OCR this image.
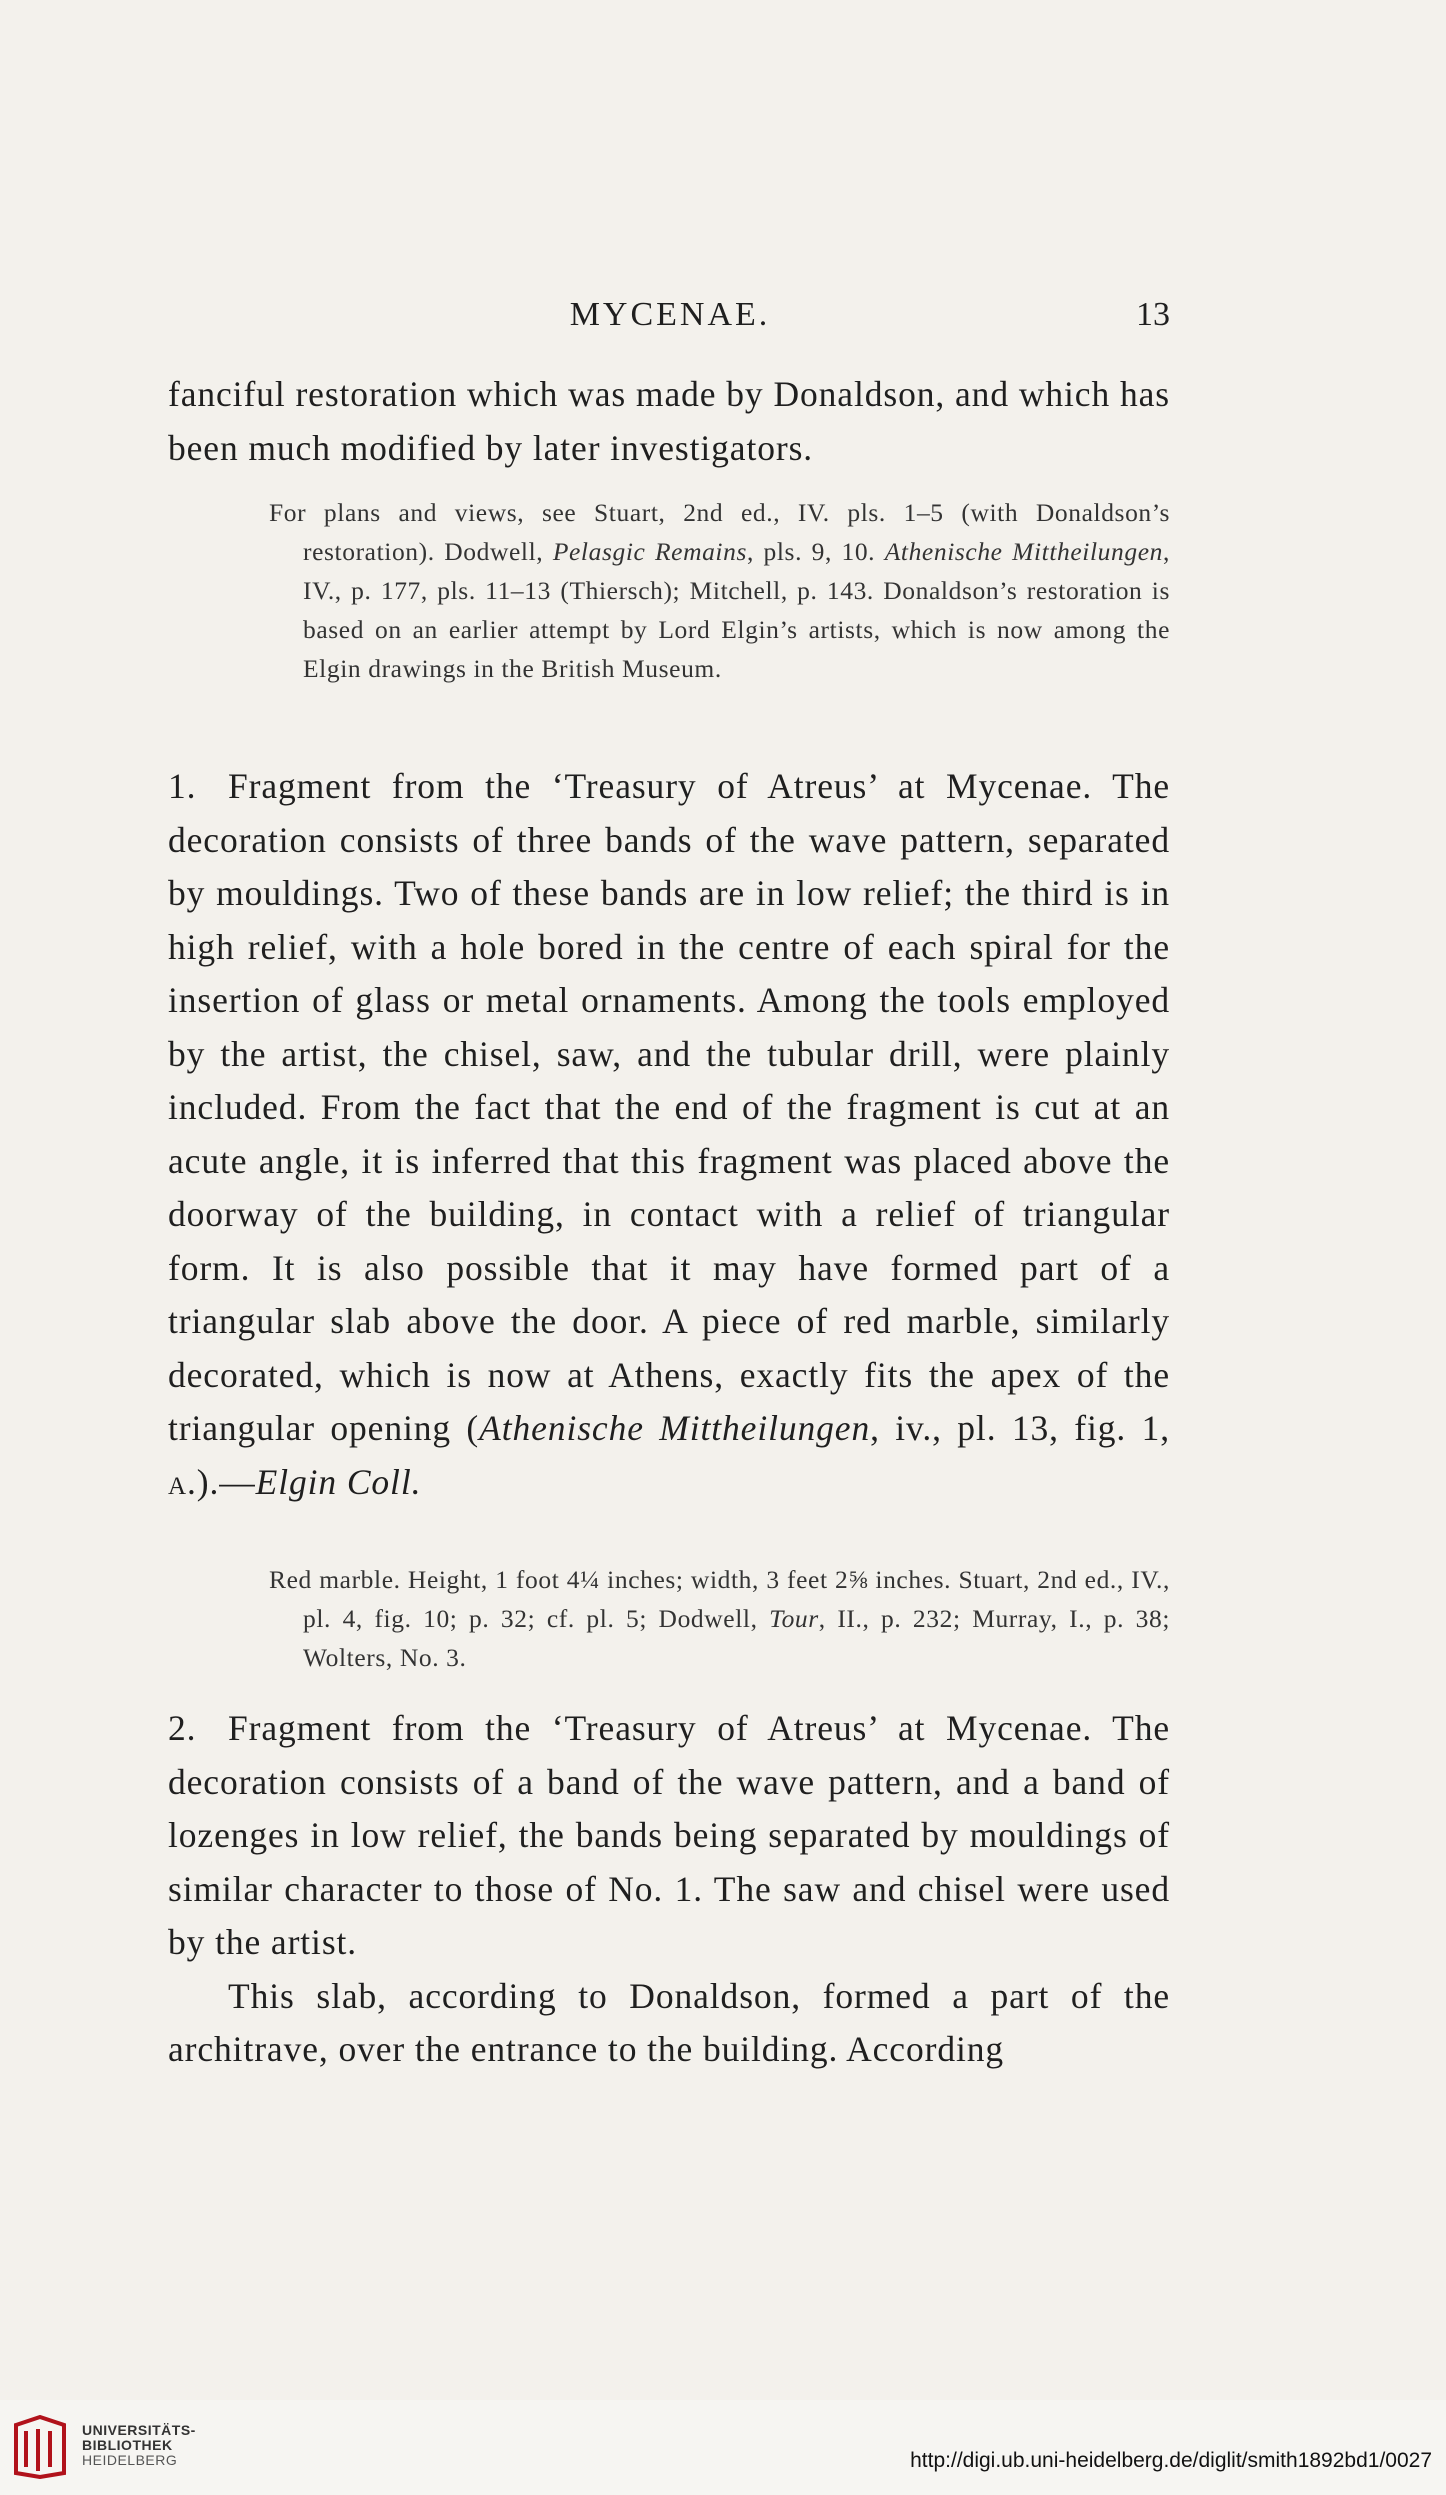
MYCENAE.	13

fanciful restoration which was made by Donaldson, and which has been much modified by later investigators.

For plans and views, see Stuart, 2nd ed., IV. pls. 1–5 (with Donaldson’s restoration). Dodwell, Pelasgic Remains, pls. 9, 10. Athenische Mittheilungen, IV., p. 177, pls. 11–13 (Thiersch); Mitchell, p. 143. Donaldson’s restoration is based on an earlier attempt by Lord Elgin’s artists, which is now among the Elgin drawings in the British Museum.

1. Fragment from the ‘Treasury of Atreus’ at Mycenae. The decoration consists of three bands of the wave pattern, separated by mouldings. Two of these bands are in low relief; the third is in high relief, with a hole bored in the centre of each spiral for the insertion of glass or metal ornaments. Among the tools employed by the artist, the chisel, saw, and the tubular drill, were plainly included. From the fact that the end of the fragment is cut at an acute angle, it is inferred that this fragment was placed above the doorway of the building, in contact with a relief of triangular form. It is also possible that it may have formed part of a triangular slab above the door. A piece of red marble, similarly decorated, which is now at Athens, exactly fits the apex of the triangular opening (Athenische Mittheilungen, iv., pl. 13, fig. 1, a.).—Elgin Coll.

Red marble. Height, 1 foot 4¼ inches; width, 3 feet 2⅝ inches. Stuart, 2nd ed., IV., pl. 4, fig. 10; p. 32; cf. pl. 5; Dodwell, Tour, II., p. 232; Murray, I., p. 38; Wolters, No. 3.

2. Fragment from the ‘Treasury of Atreus’ at Mycenae. The decoration consists of a band of the wave pattern, and a band of lozenges in low relief, the bands being separated by mouldings of similar character to those of No. 1. The saw and chisel were used by the artist.

This slab, according to Donaldson, formed a part of the architrave, over the entrance to the building. According

UNIVERSITÄTS-
BIBLIOTHEK
HEIDELBERG	http://digi.ub.uni-heidelberg.de/diglit/smith1892bd1/0027
